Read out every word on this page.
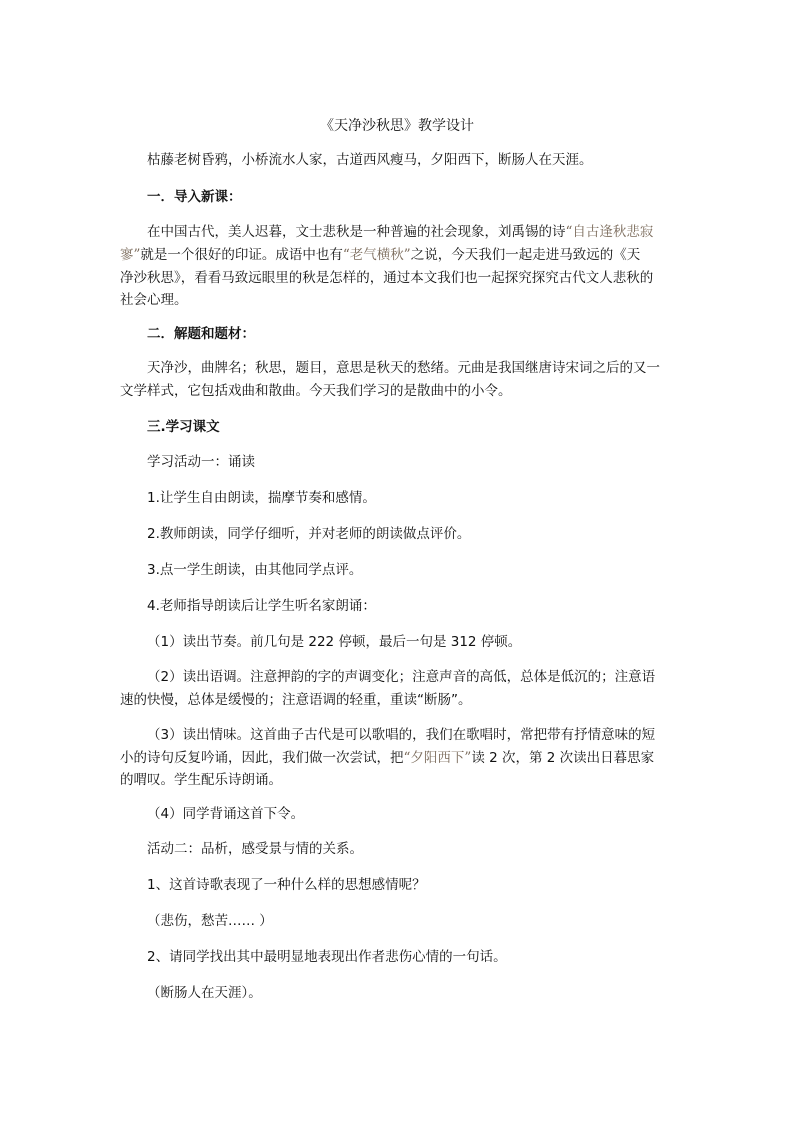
《天净沙秋思》教学设计
枯藤老树昏鸦，小桥流水人家，古道西风瘦马，夕阳西下，断肠人在天涯。
一．导入新课：
在中国古代，美人迟暮，文士悲秋是一种普遍的社会现象，刘禹锡的诗“自古逢秋悲寂
寥”就是一个很好的印证。成语中也有“老气横秋”之说，今天我们一起走进马致远的《天
净沙秋思》，看看马致远眼里的秋是怎样的，通过本文我们也一起探究探究古代文人悲秋的
社会心理。
二．解题和题材：
天净沙，曲牌名；秋思，题目，意思是秋天的愁绪。元曲是我国继唐诗宋词之后的又一
文学样式，它包括戏曲和散曲。今天我们学习的是散曲中的小令。
三.学习课文
学习活动一：诵读
1.让学生自由朗读，揣摩节奏和感情。
2.教师朗读，同学仔细听，并对老师的朗读做点评价。
3.点一学生朗读，由其他同学点评。
4.老师指导朗读后让学生听名家朗诵：
（1）读出节奏。前几句是 222 停顿，最后一句是 312 停顿。
（2）读出语调。注意押韵的字的声调变化；注意声音的高低，总体是低沉的；注意语
速的快慢，总体是缓慢的；注意语调的轻重，重读“断肠”。
（3）读出情味。这首曲子古代是可以歌唱的，我们在歌唱时，常把带有抒情意味的短
小的诗句反复吟诵，因此，我们做一次尝试，把“夕阳西下”读 2 次，第 2 次读出日暮思家
的喟叹。学生配乐诗朗诵。
（4）同学背诵这首下令。
活动二：品析，感受景与情的关系。
1、这首诗歌表现了一种什么样的思想感情呢？
（悲伤，愁苦…… ）
2、请同学找出其中最明显地表现出作者悲伤心情的一句话。
（断肠人在天涯）。
